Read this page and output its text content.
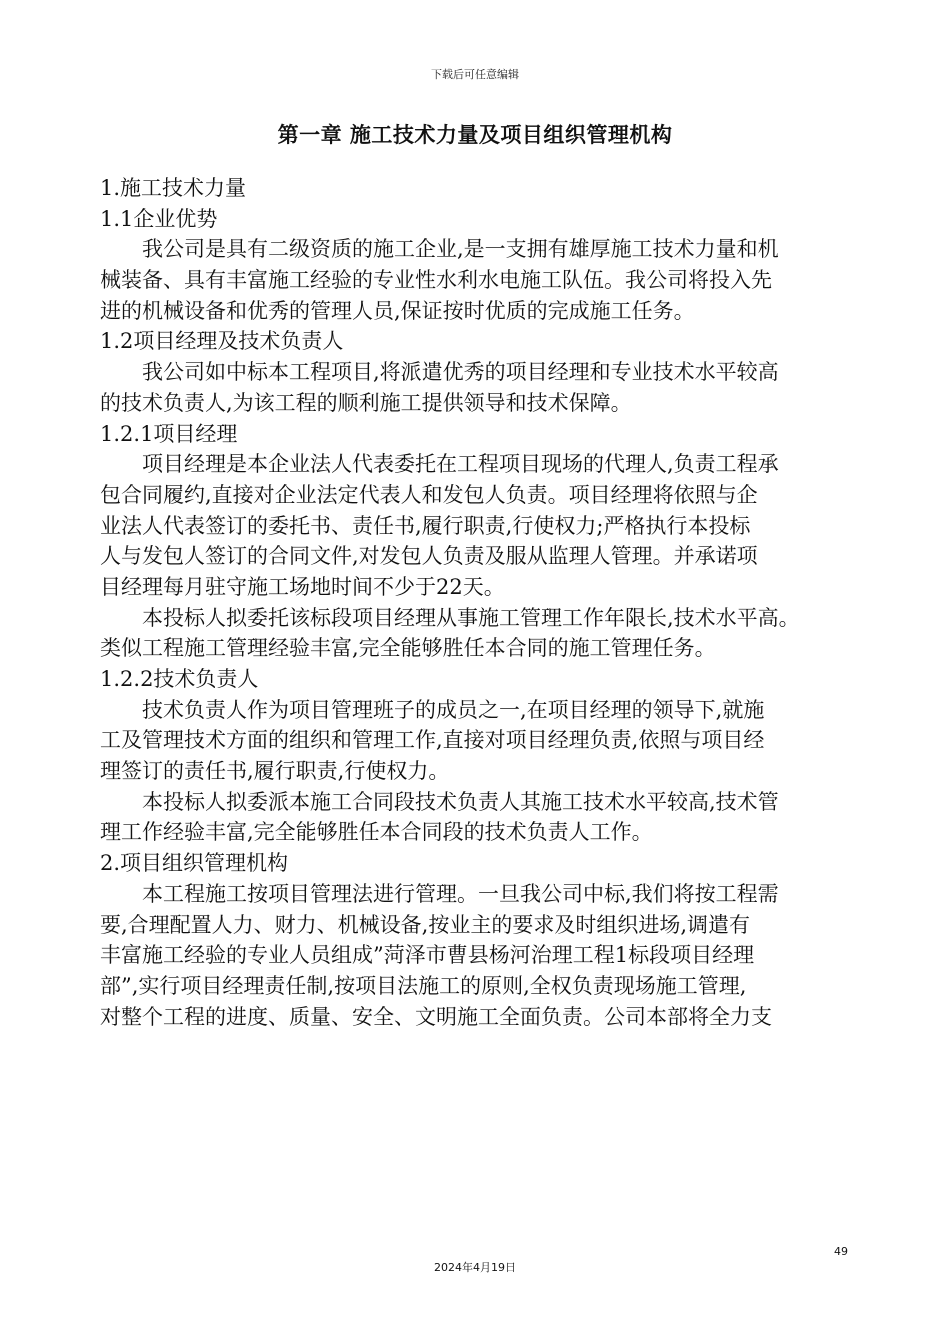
下载后可任意编辑
第一章 施工技术力量及项目组织管理机构
1.施工技术力量
1.1企业优势
我公司是具有二级资质的施工企业,是一支拥有雄厚施工技术力量和机
械装备、具有丰富施工经验的专业性水利水电施工队伍。我公司将投入先
进的机械设备和优秀的管理人员,保证按时优质的完成施工任务。
1.2项目经理及技术负责人
我公司如中标本工程项目,将派遣优秀的项目经理和专业技术水平较高
的技术负责人,为该工程的顺利施工提供领导和技术保障。
1.2.1项目经理
项目经理是本企业法人代表委托在工程项目现场的代理人,负责工程承
包合同履约,直接对企业法定代表人和发包人负责。项目经理将依照与企
业法人代表签订的委托书、责任书,履行职责,行使权力;严格执行本投标
人与发包人签订的合同文件,对发包人负责及服从监理人管理。并承诺项
目经理每月驻守施工场地时间不少于22天。
本投标人拟委托该标段项目经理从事施工管理工作年限长,技术水平高。
类似工程施工管理经验丰富,完全能够胜任本合同的施工管理任务。
1.2.2技术负责人
技术负责人作为项目管理班子的成员之一,在项目经理的领导下,就施
工及管理技术方面的组织和管理工作,直接对项目经理负责,依照与项目经
理签订的责任书,履行职责,行使权力。
本投标人拟委派本施工合同段技术负责人其施工技术水平较高,技术管
理工作经验丰富,完全能够胜任本合同段的技术负责人工作。
2.项目组织管理机构
本工程施工按项目管理法进行管理。一旦我公司中标,我们将按工程需
要,合理配置人力、财力、机械设备,按业主的要求及时组织进场,调遣有
丰富施工经验的专业人员组成”菏泽市曹县杨河治理工程1标段项目经理
部”,实行项目经理责任制,按项目法施工的原则,全权负责现场施工管理,
对整个工程的进度、质量、安全、文明施工全面负责。公司本部将全力支
49
2024年4月19日
